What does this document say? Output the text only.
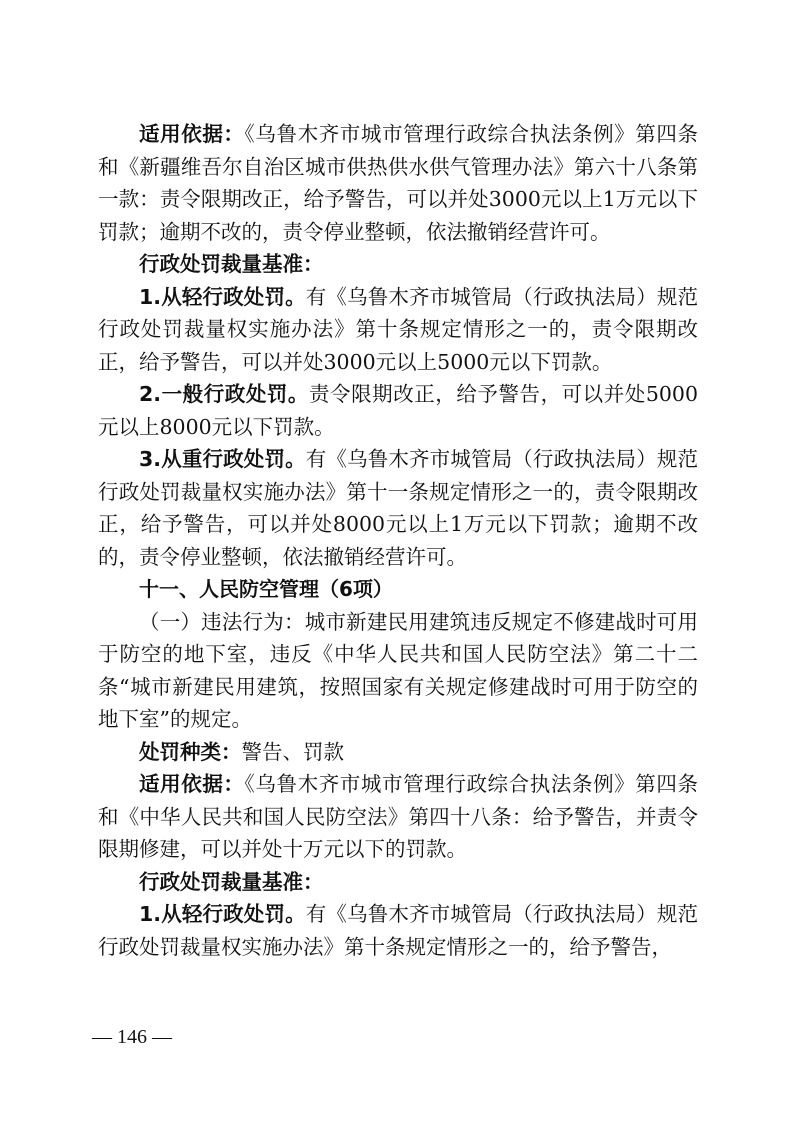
适用依据：《乌鲁木齐市城市管理行政综合执法条例》第四条和《新疆维吾尔自治区城市供热供水供气管理办法》第六十八条第一款：责令限期改正，给予警告，可以并处3000元以上1万元以下罚款；逾期不改的，责令停业整顿，依法撤销经营许可。

行政处罚裁量基准：

1.从轻行政处罚。有《乌鲁木齐市城管局（行政执法局）规范行政处罚裁量权实施办法》第十条规定情形之一的，责令限期改正，给予警告，可以并处3000元以上5000元以下罚款。

2.一般行政处罚。责令限期改正，给予警告，可以并处5000元以上8000元以下罚款。

3.从重行政处罚。有《乌鲁木齐市城管局（行政执法局）规范行政处罚裁量权实施办法》第十一条规定情形之一的，责令限期改正，给予警告，可以并处8000元以上1万元以下罚款；逾期不改的，责令停业整顿，依法撤销经营许可。

十一、人民防空管理（6项）

（一）违法行为：城市新建民用建筑违反规定不修建战时可用于防空的地下室，违反《中华人民共和国人民防空法》第二十二条“城市新建民用建筑，按照国家有关规定修建战时可用于防空的地下室”的规定。

处罚种类：警告、罚款

适用依据：《乌鲁木齐市城市管理行政综合执法条例》第四条和《中华人民共和国人民防空法》第四十八条：给予警告，并责令限期修建，可以并处十万元以下的罚款。

行政处罚裁量基准：

1.从轻行政处罚。有《乌鲁木齐市城管局（行政执法局）规范行政处罚裁量权实施办法》第十条规定情形之一的，给予警告，

— 146 —
